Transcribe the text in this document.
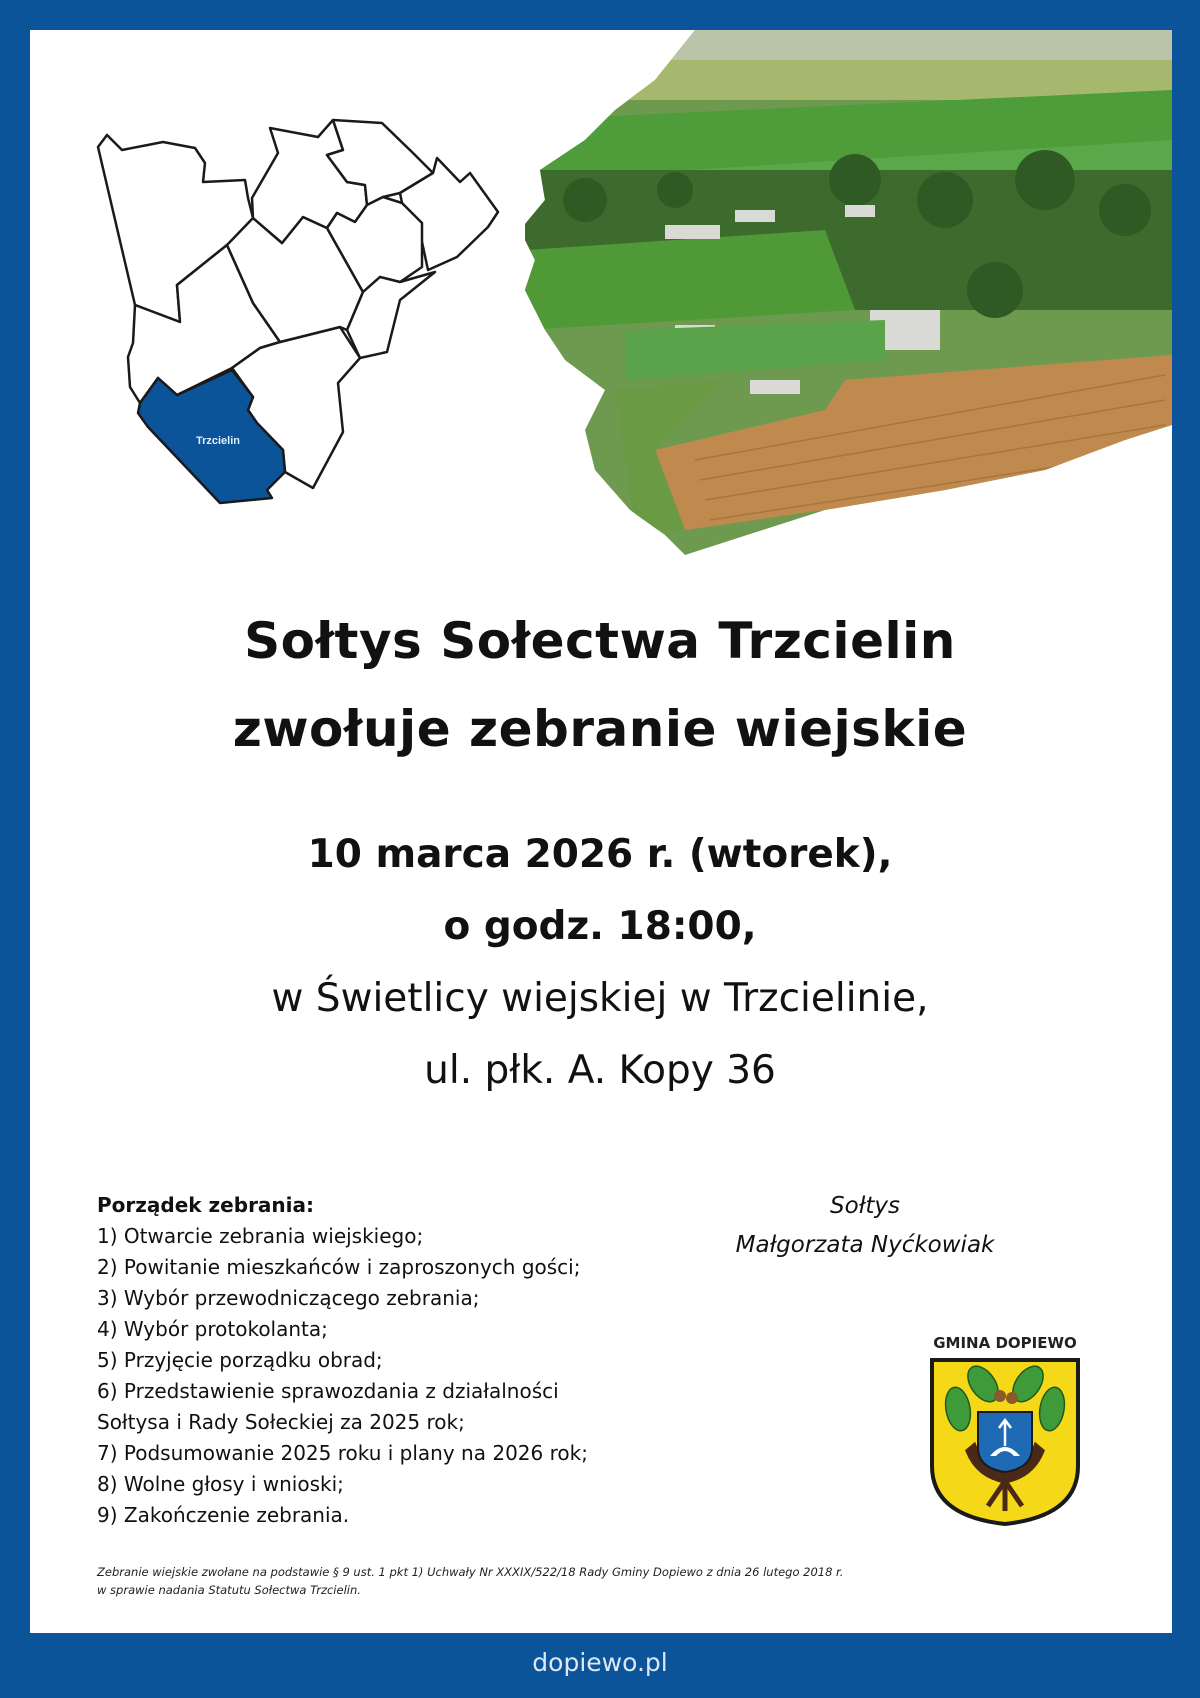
Trzcielin
Sołtys Sołectwa Trzcielin
zwołuje zebranie wiejskie
10 marca 2026 r. (wtorek),
o godz. 18:00,
w Świetlicy wiejskiej w Trzcielinie,
ul. płk. A. Kopy 36
Porządek zebrania:
1) Otwarcie zebrania wiejskiego;
2) Powitanie mieszkańców i zaproszonych gości;
3) Wybór przewodniczącego zebrania;
4) Wybór protokolanta;
5) Przyjęcie porządku obrad;
6) Przedstawienie sprawozdania z działalności
Sołtysa i Rady Sołeckiej za 2025 rok;
7) Podsumowanie 2025 roku i plany na 2026 rok;
8) Wolne głosy i wnioski;
9) Zakończenie zebrania.
Sołtys
Małgorzata Nyćkowiak
GMINA DOPIEWO
Zebranie wiejskie zwołane na podstawie § 9 ust. 1 pkt 1) Uchwały Nr XXXIX/522/18 Rady Gminy Dopiewo z dnia 26 lutego 2018 r.
w sprawie nadania Statutu Sołectwa Trzcielin.
dopiewo.pl
